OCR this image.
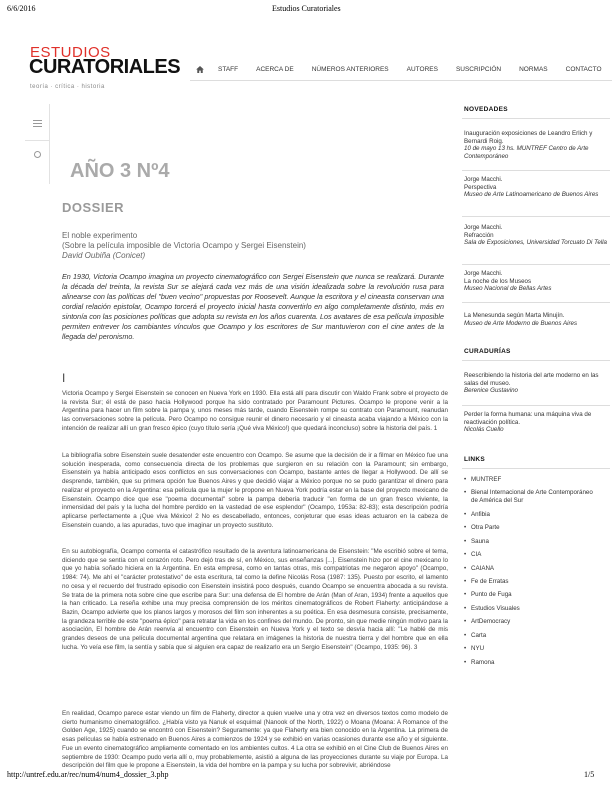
6/6/2016	Estudios Curatoriales
ESTUDIOS
CURATORIALES
teoría · crítica · historia
STAFF	ACERCA DE	NÚMEROS ANTERIORES	AUTORES	SUSCRIPCIÓN	NORMAS	CONTACTO
AÑO 3 Nº4
DOSSIER
El noble experimento
(Sobre la película imposible de Victoria Ocampo y Sergei Eisenstein)
David Oubiña (Conicet)
En 1930, Victoria Ocampo imagina un proyecto cinematográfico con Sergei Eisenstein que nunca se realizará. Durante la década del treinta, la revista Sur se alejará cada vez más de una visión idealizada sobre la revolución rusa para alinearse con las políticas del "buen vecino" propuestas por Roosevelt. Aunque la escritora y el cineasta conservan una cordial relación epistolar, Ocampo torcerá el proyecto inicial hasta convertirlo en algo completamente distinto, más en sintonía con las posiciones políticas que adopta su revista en los años cuarenta. Los avatares de esa película imposible permiten entrever los cambiantes vínculos que Ocampo y los escritores de Sur mantuvieron con el cine antes de la llegada del peronismo.
I
Victoria Ocampo y Sergei Eisenstein se conocen en Nueva York en 1930. Ella está allí para discutir con Waldo Frank sobre el proyecto de la revista Sur; él está de paso hacia Hollywood porque ha sido contratado por Paramount Pictures. Ocampo le propone venir a la Argentina para hacer un film sobre la pampa y, unos meses más tarde, cuando Eisenstein rompe su contrato con Paramount, reanudan las conversaciones sobre la película. Pero Ocampo no consigue reunir el dinero necesario y el cineasta acaba viajando a México con la intención de realizar allí un gran fresco épico (cuyo título sería ¡Qué viva México!) que quedará inconcluso) sobre la historia del país. 1
La bibliografía sobre Eisenstein suele desatender este encuentro con Ocampo. Se asume que la decisión de ir a filmar en México fue una solución inesperada, como consecuencia directa de los problemas que surgieron en su relación con la Paramount; sin embargo, Eisenstein ya había anticipado esos conflictos en sus conversaciones con Ocampo, bastante antes de llegar a Hollywood. De allí se desprende, también, que su primera opción fue Buenos Aires y que decidió viajar a México porque no se pudo garantizar el dinero para realizar el proyecto en la Argentina: esa película que la mujer le propone en Nueva York podría estar en la base del proyecto mexicano de Eisenstein. Ocampo dice que ese "poema documental" sobre la pampa debería traducir "en forma de un gran fresco viviente, la inmensidad del país y la lucha del hombre perdido en la vastedad de ese esplendor" (Ocampo, 1953a: 82-83); esta descripción podría aplicarse perfectamente a ¡Que viva México! 2 No es descabellado, entonces, conjeturar que esas ideas actuaron en la cabeza de Eisenstein cuando, a las apuradas, tuvo que imaginar un proyecto sustituto.
En su autobiografía, Ocampo comenta el catastrófico resultado de la aventura latinoamericana de Eisenstein: "Me escribió sobre el tema, diciendo que se sentía con el corazón roto. Pero dejó tras de sí, en México, sus enseñanzas [...]. Eisenstein hizo por el cine mexicano lo que yo había soñado hiciera en la Argentina. En esta empresa, como en tantas otras, mis compatriotas me negaron apoyo" (Ocampo, 1984: 74). Me ahí el "carácter protestativo" de esta escritura, tal como la define Nicolás Rosa (1987: 135). Puesto por escrito, el lamento no cesa y el recuerdo del frustrado episodio con Eisenstein insistirá poco después, cuando Ocampo se encuentra abocada a su revista. Se trata de la primera nota sobre cine que escribe para Sur: una defensa de El hombre de Arán (Man of Aran, 1934) frente a aquellos que la han criticado. La reseña exhibe una muy precisa comprensión de los méritos cinematográficos de Robert Flaherty: anticipándose a Bazin, Ocampo advierte que los planos largos y morosos del film son inherentes a su poética. En esa desmesura consiste, precisamente, la grandeza terrible de este "poema épico" para retratar la vida en los confines del mundo. De pronto, sin que medie ningún motivo para la asociación, El hombre de Arán reenvía al encuentro con Eisenstein en Nueva York y el texto se desvía hacia allí: "Le hablé de mis grandes deseos de una película documental argentina que relatara en imágenes la historia de nuestra tierra y del hombre que en ella lucha. Yo veía ese film, la sentía y sabía que si alguien era capaz de realizarlo era un Sergio Eisenstein" (Ocampo, 1935: 96). 3
En realidad, Ocampo parece estar viendo un film de Flaherty, director a quien vuelve una y otra vez en diversos textos como modelo de cierto humanismo cinematográfico. ¿Había visto ya Nanuk el esquimal (Nanook of the North, 1922) o Moana (Moana: A Romance of the Golden Age, 1925) cuando se encontró con Eisenstein? Seguramente: ya que Flaherty era bien conocido en la Argentina. La primera de esas películas se había estrenado en Buenos Aires a comienzos de 1924 y se exhibió en varias ocasiones durante ese año y el siguiente. Fue un evento cinematográfico ampliamente comentado en los ambientes cultos. 4 La otra se exhibió en el Cine Club de Buenos Aires en septiembre de 1930: Ocampo pudo verla allí o, muy probablemente, asistió a alguna de las proyecciones durante su viaje por Europa. La descripción del film que le propone a Eisenstein, la vida del hombre en la pampa y su lucha por sobrevivir, abriéndose
NOVEDADES
Inauguración exposiciones de Leandro Erlich y Bernardi Roig.
10 de mayo 13 hs. MUNTREF Centro de Arte Contemporáneo
Jorge Macchi.
Perspectiva
Museo de Arte Latinoamericano de Buenos Aires
Jorge Macchi.
Refracción
Sala de Exposiciones, Universidad Torcuato Di Tella
Jorge Macchi.
La noche de los Museos
Museo Nacional de Bellas Artes
La Menesunda según Marta Minujín.
Museo de Arte Moderno de Buenos Aires
CURADURÍAS
Reescribiendo la historia del arte moderno en las salas del museo.
Berenice Gustavino
Perder la forma humana: una máquina viva de reactivación política.
Nicolás Cuello
LINKS
• MUNTREF
• Bienal Internacional de Arte Contemporáneo de América del Sur
• Anfibia
• Otra Parte
• Sauna
• CIA
• CAIANA
• Fe de Erratas
• Punto de Fuga
• Estudios Visuales
• ArtDemocracy
• Carta
• NYU
• Ramona
http://untref.edu.ar/rec/num4/num4_dossier_3.php	1/5
